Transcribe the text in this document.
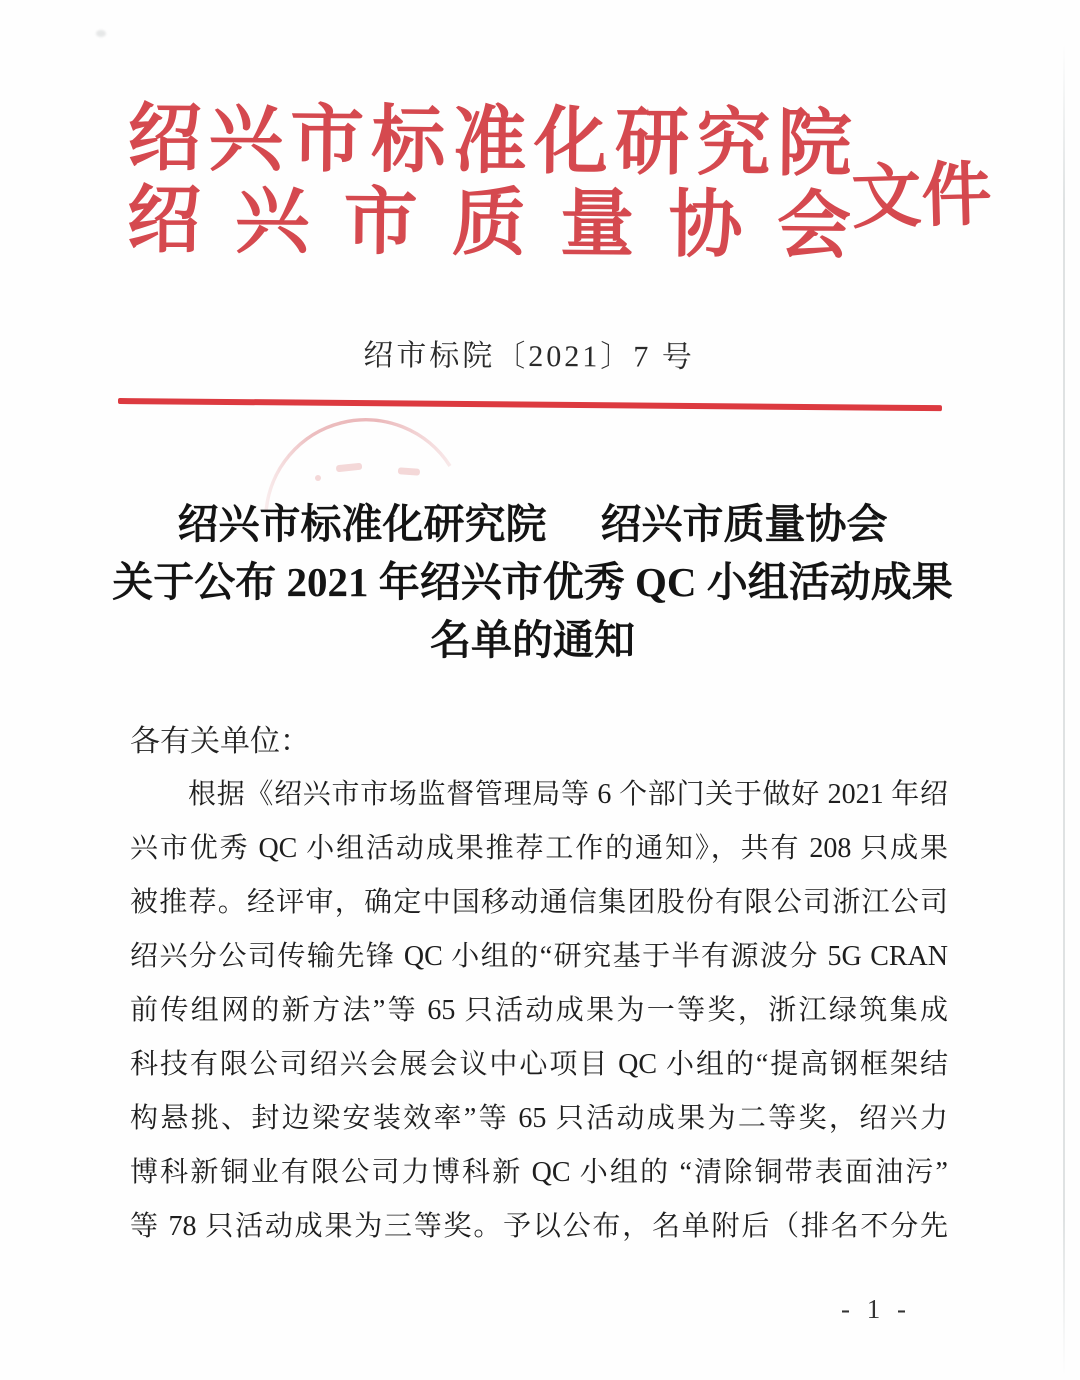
绍兴市标准化研究院
绍兴市质量协会 文件
绍市标院〔2021〕7 号
绍兴市标准化研究院 绍兴市质量协会
关于公布 2021 年绍兴市优秀 QC 小组活动成果
名单的通知
各有关单位：
根据《绍兴市市场监督管理局等 6 个部门关于做好 2021 年绍
兴市优秀 QC 小组活动成果推荐工作的通知》，共有 208 只成果
被推荐。经评审，确定中国移动通信集团股份有限公司浙江公司
绍兴分公司传输先锋 QC 小组的“研究基于半有源波分 5G CRAN
前传组网的新方法”等 65 只活动成果为一等奖，浙江绿筑集成
科技有限公司绍兴会展会议中心项目 QC 小组的“提高钢框架结
构悬挑、封边梁安装效率”等 65 只活动成果为二等奖，绍兴力
博科新铜业有限公司力博科新 QC 小组的 “清除铜带表面油污”
等 78 只活动成果为三等奖。予以公布，名单附后（排名不分先
- 1 -
